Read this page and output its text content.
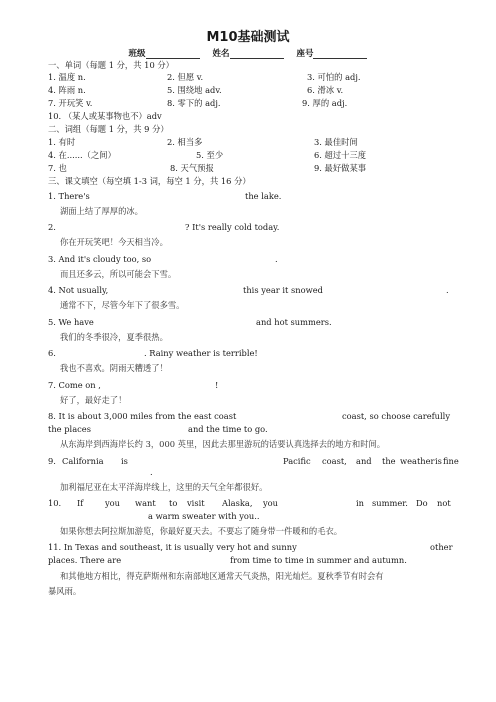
M10基础测试
班级	姓名	座号
一、单词（每题 1 分，共 10 分）
1. 温度 n.	2. 但愿 v.	3. 可怕的 adj.
4. 阵雨 n.	5. 围绕地 adv.	6. 滑冰 v.
7. 开玩笑 v.	8. 零下的 adj.	9. 厚的 adj.
10. （某人或某事物也不）adv
二、词组（每题 1 分，共 9 分）
1. 有时	2. 相当多	3. 最佳时间
4. 在......（之间）	5. 至少	6. 超过十三度
7. 也	8. 天气预报	9. 最好做某事
三、课文填空（每空填 1-3 词，每空 1 分，共 16 分）
1. There's	the lake.
湖面上结了厚厚的冰。
2.	? It's really cold today.
你在开玩笑吧！今天相当冷。
3. And it's cloudy too, so	.
而且还多云，所以可能会下雪。
4. Not usually,	this year it snowed	.
通常不下，尽管今年下了很多雪。
5. We have	and hot summers.
我们的冬季很冷，夏季很热。
6.	. Rainy weather is terrible!
我也不喜欢。阴雨天糟透了！
7. Come on ,	!
好了，最好走了！
8. It is about 3,000 miles from the east coast	coast, so choose carefully
the places	and the time to go.
从东海岸到西海岸长约 3，000 英里，因此去那里游玩的话要认真选择去的地方和时间。
9. California is	Pacific coast, and the weather is fine
.
加利福尼亚在太平洋海岸线上，这里的天气全年都很好。
10. If	you want to visit Alaska, you	in summer. Do not
a warm sweater with you..
如果你想去阿拉斯加游览，你最好夏天去。不要忘了随身带一件暖和的毛衣。
11. In Texas and southeast, it is usually very hot and sunny	other
places. There are	from time to time in summer and autumn.
和其他地方相比，得克萨斯州和东南部地区通常天气炎热，阳光灿烂。夏秋季节有时会有
暴风雨。
